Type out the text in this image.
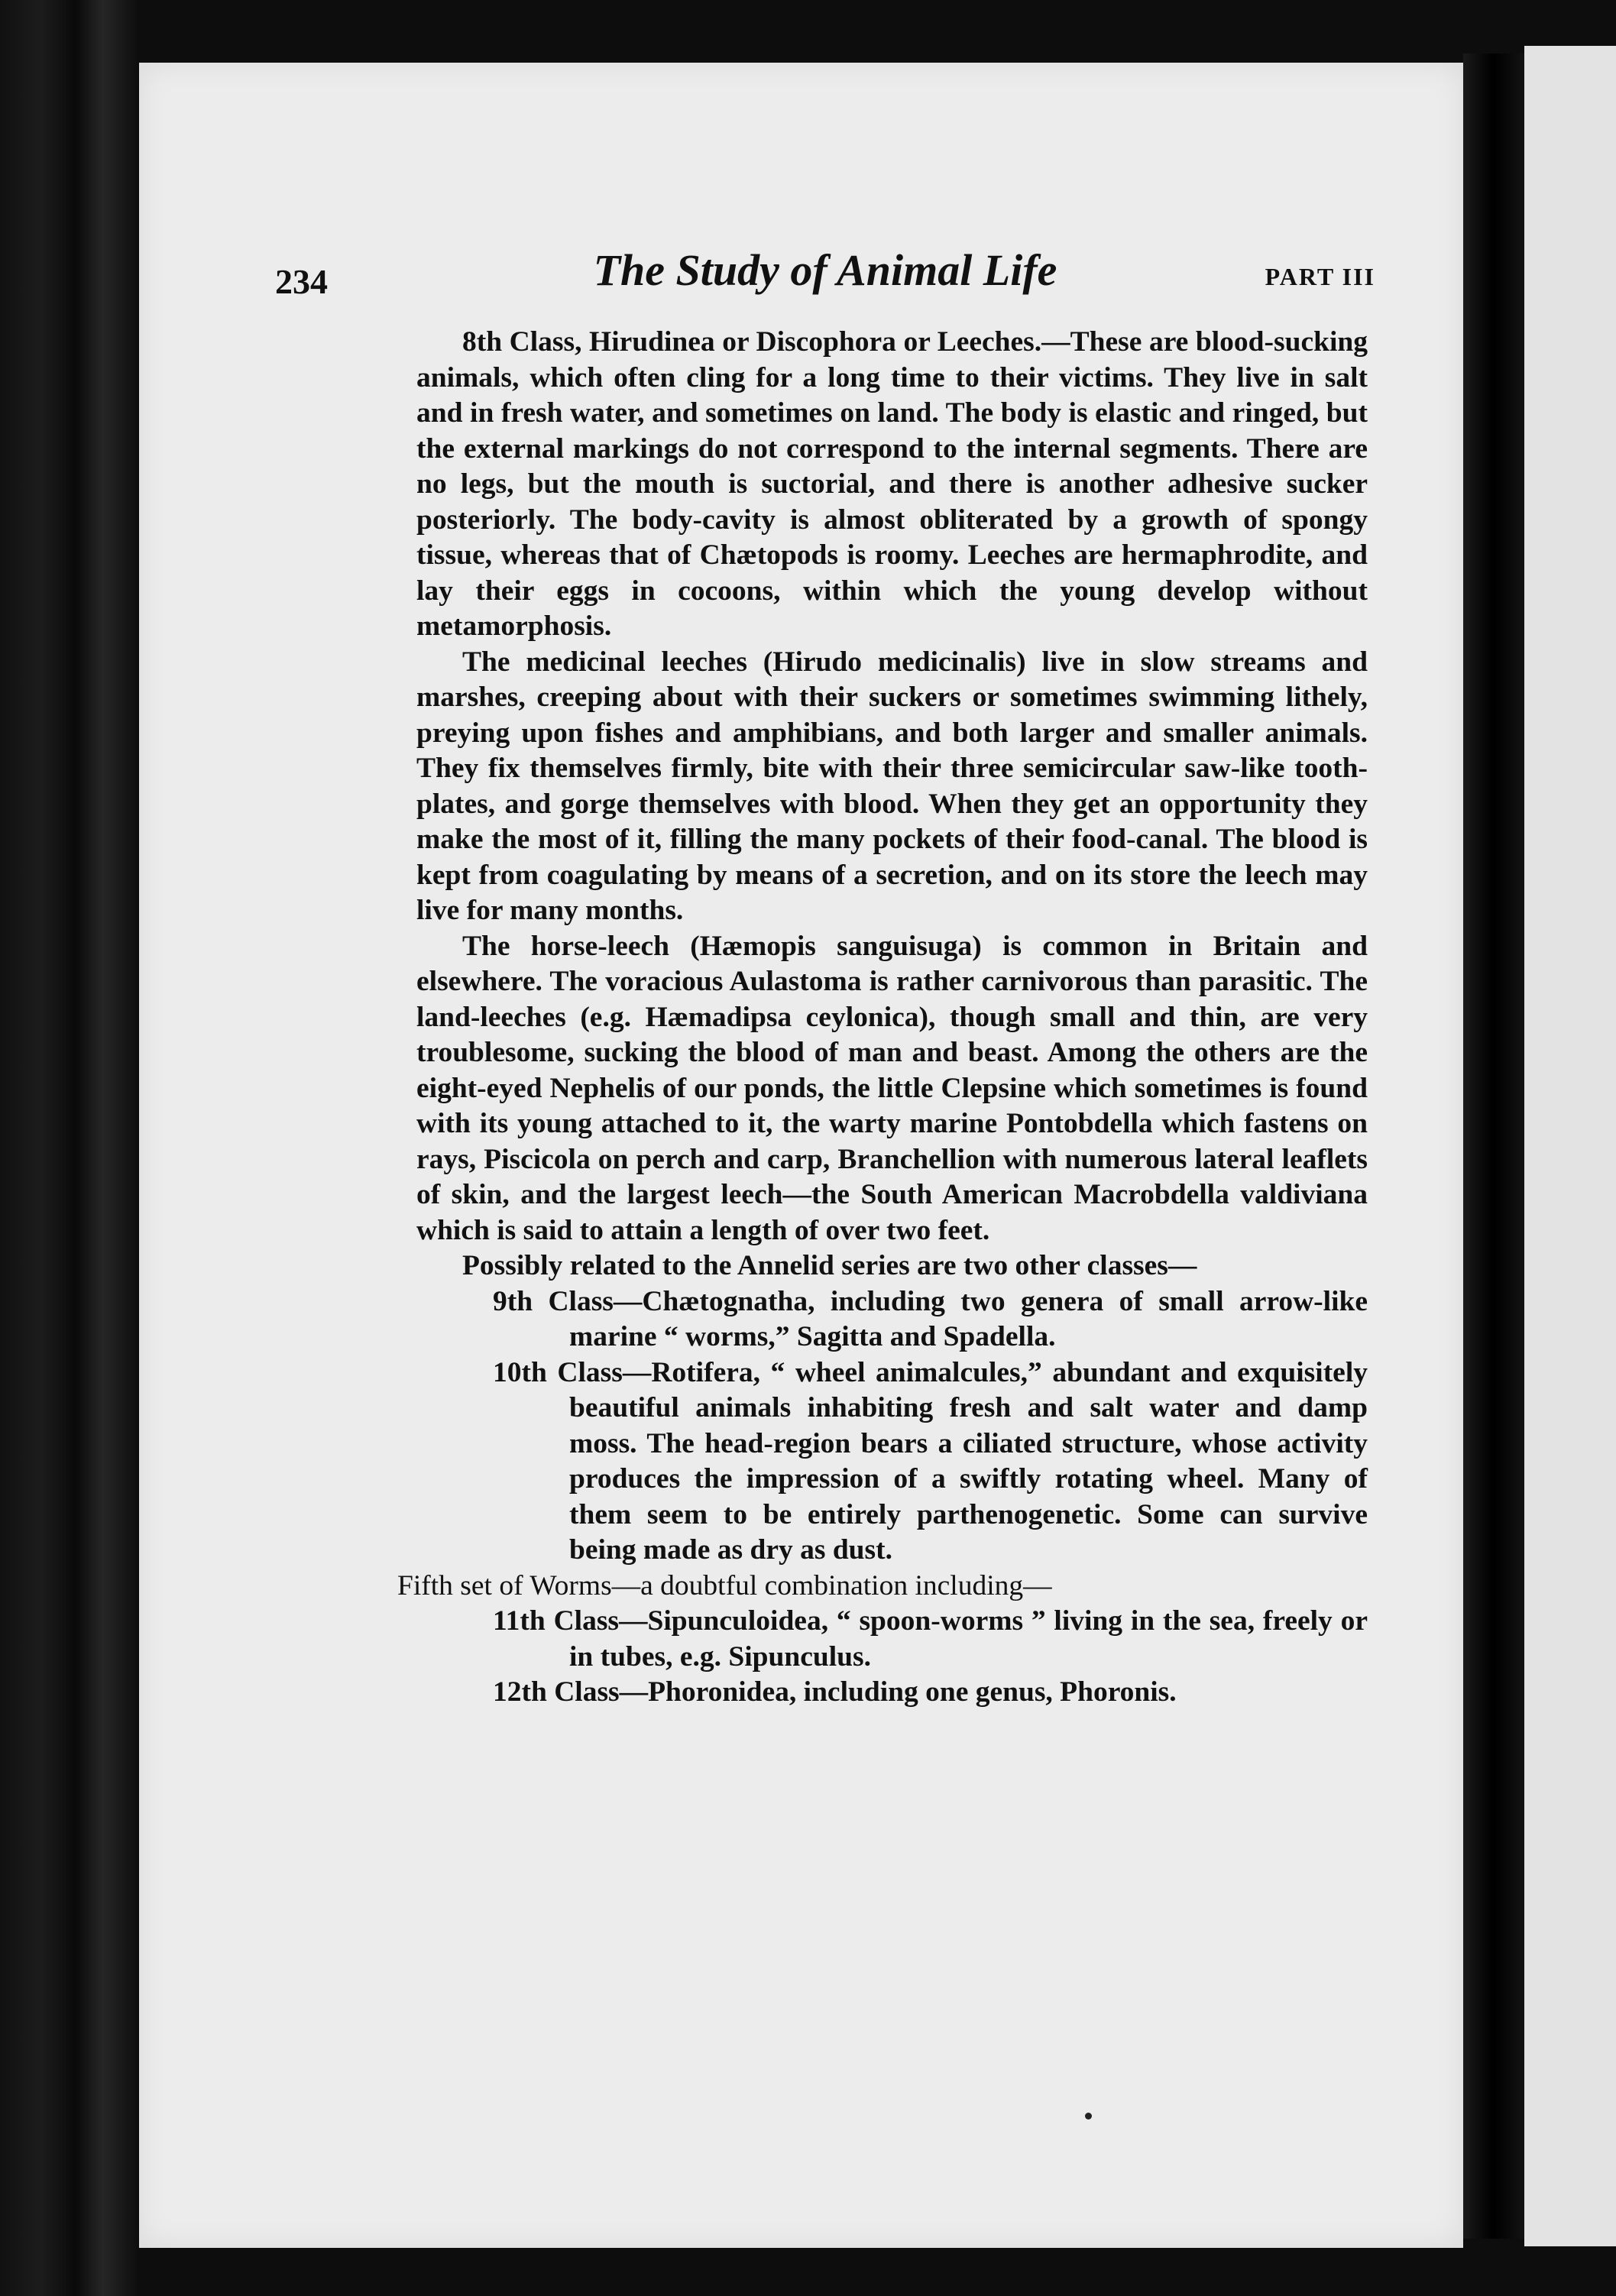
234	The Study of Animal Life	PART III

8th Class, Hirudinea or Discophora or Leeches.—These are blood-sucking animals, which often cling for a long time to their victims. They live in salt and in fresh water, and sometimes on land. The body is elastic and ringed, but the external markings do not correspond to the internal segments. There are no legs, but the mouth is suctorial, and there is another adhesive sucker posteriorly. The body-cavity is almost obliterated by a growth of spongy tissue, whereas that of Chætopods is roomy. Leeches are hermaphrodite, and lay their eggs in cocoons, within which the young develop without metamorphosis.

The medicinal leeches (Hirudo medicinalis) live in slow streams and marshes, creeping about with their suckers or sometimes swimming lithely, preying upon fishes and amphibians, and both larger and smaller animals. They fix themselves firmly, bite with their three semicircular saw-like tooth-plates, and gorge themselves with blood. When they get an opportunity they make the most of it, filling the many pockets of their food-canal. The blood is kept from coagulating by means of a secretion, and on its store the leech may live for many months.

The horse-leech (Hæmopis sanguisuga) is common in Britain and elsewhere. The voracious Aulastoma is rather carnivorous than parasitic. The land-leeches (e.g. Hæmadipsa ceylonica), though small and thin, are very troublesome, sucking the blood of man and beast. Among the others are the eight-eyed Nephelis of our ponds, the little Clepsine which sometimes is found with its young attached to it, the warty marine Pontobdella which fastens on rays, Piscicola on perch and carp, Branchellion with numerous lateral leaflets of skin, and the largest leech—the South American Macrobdella valdiviana which is said to attain a length of over two feet.

Possibly related to the Annelid series are two other classes—

9th Class—Chætognatha, including two genera of small arrow-like marine “ worms,” Sagitta and Spadella.

10th Class—Rotifera, “ wheel animalcules,” abundant and exquisitely beautiful animals inhabiting fresh and salt water and damp moss. The head-region bears a ciliated structure, whose activity produces the impression of a swiftly rotating wheel. Many of them seem to be entirely parthenogenetic. Some can survive being made as dry as dust.

Fifth set of Worms—a doubtful combination including—

11th Class—Sipunculoidea, “ spoon-worms ” living in the sea, freely or in tubes, e.g. Sipunculus.

12th Class—Phoronidea, including one genus, Phoronis.
